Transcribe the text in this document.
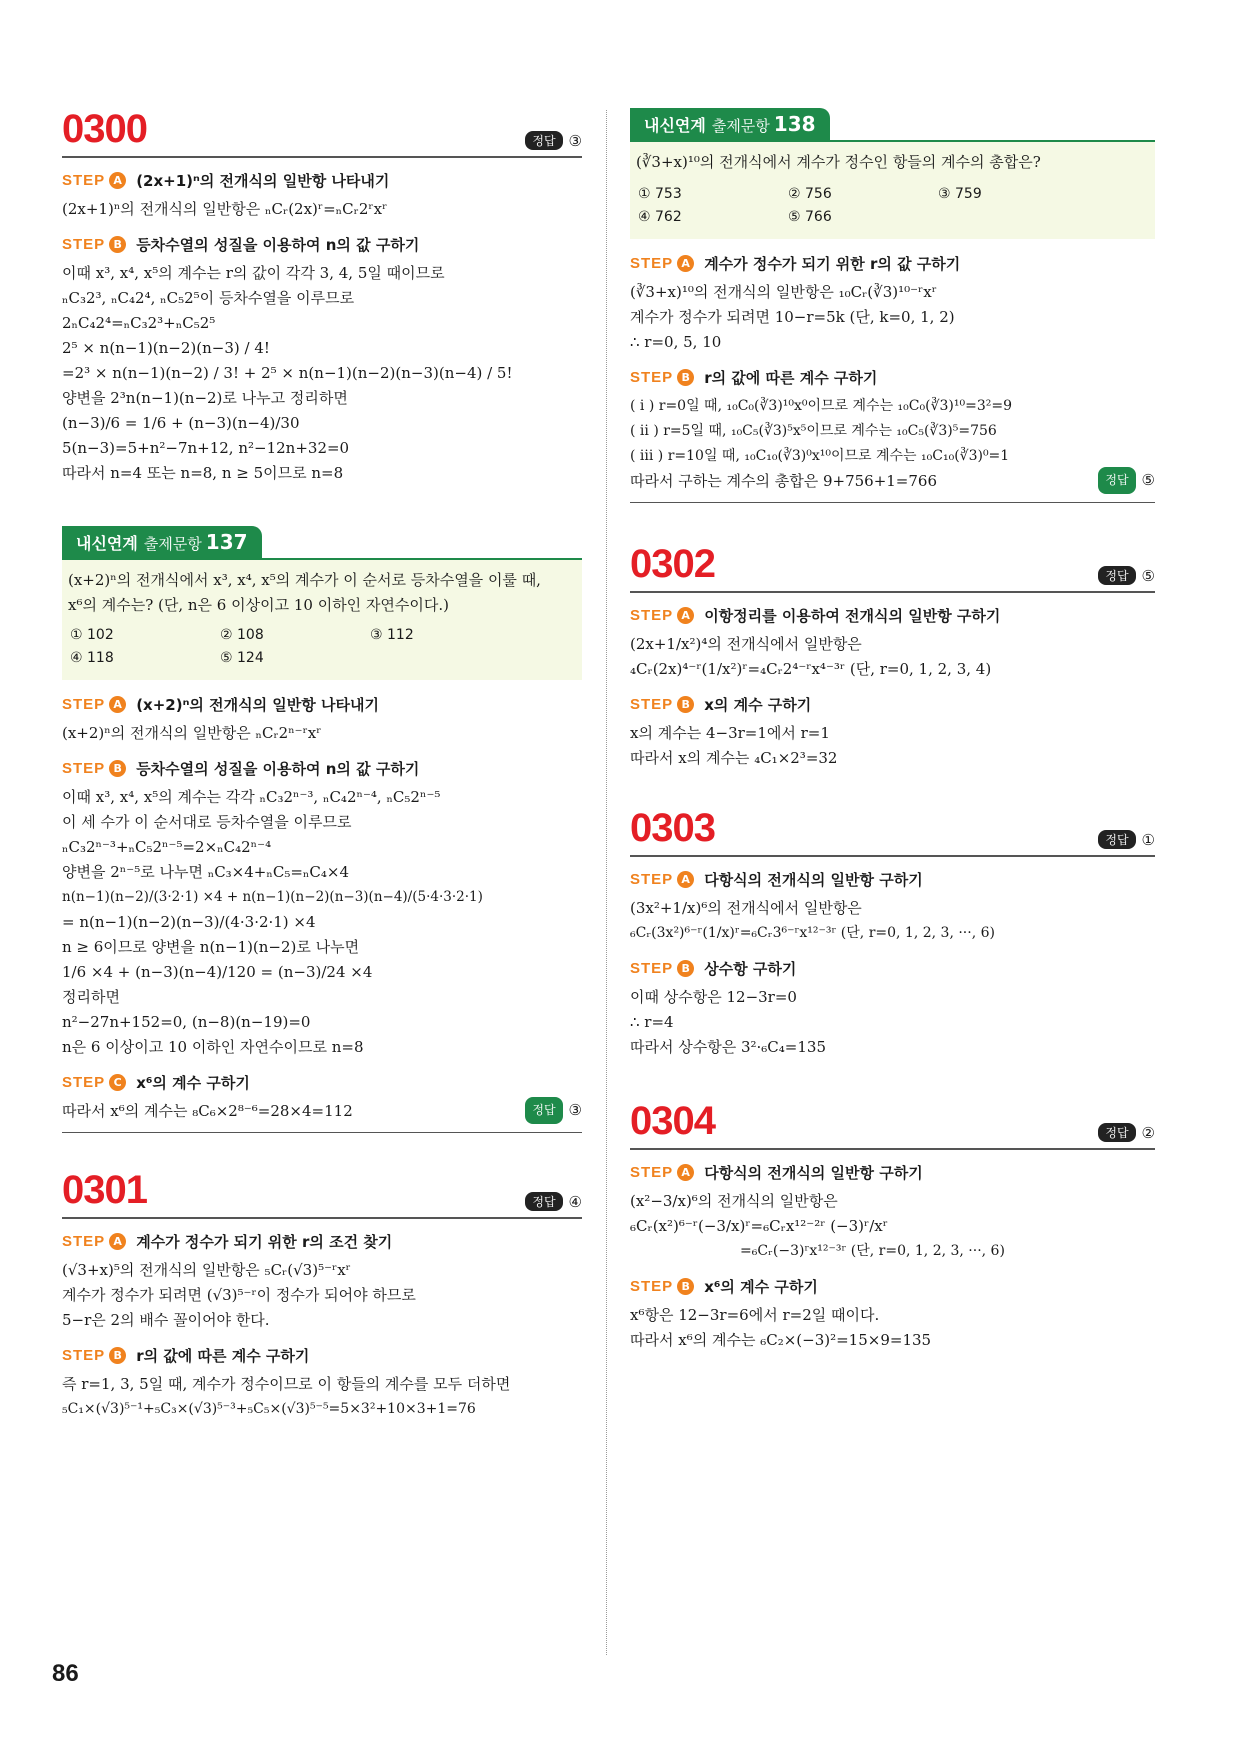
0300	정답 ③
STEP A (2x+1)ⁿ의 전개식의 일반항 나타내기
(2x+1)ⁿ의 전개식의 일반항은 ₙCᵣ(2x)ʳ=ₙCᵣ2ʳxʳ
STEP B 등차수열의 성질을 이용하여 n의 값 구하기
이때 x³, x⁴, x⁵의 계수는 r의 값이 각각 3, 4, 5일 때이므로
ₙC₃2³, ₙC₄2⁴, ₙC₅2⁵이 등차수열을 이루므로
2ₙC₄2⁴=ₙC₃2³+ₙC₅2⁵
2⁵ × n(n−1)(n−2)(n−3) / 4!
=2³ × n(n−1)(n−2) / 3! + 2⁵ × n(n−1)(n−2)(n−3)(n−4) / 5!
양변을 2³n(n−1)(n−2)로 나누고 정리하면
(n−3)/6 = 1/6 + (n−3)(n−4)/30
5(n−3)=5+n²−7n+12, n²−12n+32=0
따라서 n=4 또는 n=8, n ≥ 5이므로 n=8
내신연계 출제문항 137
(x+2)ⁿ의 전개식에서 x³, x⁴, x⁵의 계수가 이 순서로 등차수열을 이룰 때,
x⁶의 계수는? (단, n은 6 이상이고 10 이하인 자연수이다.)
① 102	② 108	③ 112
④ 118	⑤ 124
STEP A (x+2)ⁿ의 전개식의 일반항 나타내기
(x+2)ⁿ의 전개식의 일반항은 ₙCᵣ2ⁿ⁻ʳxʳ
STEP B 등차수열의 성질을 이용하여 n의 값 구하기
이때 x³, x⁴, x⁵의 계수는 각각 ₙC₃2ⁿ⁻³, ₙC₄2ⁿ⁻⁴, ₙC₅2ⁿ⁻⁵
이 세 수가 이 순서대로 등차수열을 이루므로
ₙC₃2ⁿ⁻³+ₙC₅2ⁿ⁻⁵=2×ₙC₄2ⁿ⁻⁴
양변을 2ⁿ⁻⁵로 나누면 ₙC₃×4+ₙC₅=ₙC₄×4
n(n−1)(n−2)/(3·2·1) ×4 + n(n−1)(n−2)(n−3)(n−4)/(5·4·3·2·1)
= n(n−1)(n−2)(n−3)/(4·3·2·1) ×4
n ≥ 6이므로 양변을 n(n−1)(n−2)로 나누면
1/6 ×4 + (n−3)(n−4)/120 = (n−3)/24 ×4
정리하면
n²−27n+152=0, (n−8)(n−19)=0
n은 6 이상이고 10 이하인 자연수이므로 n=8
STEP C x⁶의 계수 구하기
따라서 x⁶의 계수는 ₈C₆×2⁸⁻⁶=28×4=112	정답 ③
0301	정답 ④
STEP A 계수가 정수가 되기 위한 r의 조건 찾기
(√3+x)⁵의 전개식의 일반항은 ₅Cᵣ(√3)⁵⁻ʳxʳ
계수가 정수가 되려면 (√3)⁵⁻ʳ이 정수가 되어야 하므로
5−r은 2의 배수 꼴이어야 한다.
STEP B r의 값에 따른 계수 구하기
즉 r=1, 3, 5일 때, 계수가 정수이므로 이 항들의 계수를 모두 더하면
₅C₁×(√3)⁵⁻¹+₅C₃×(√3)⁵⁻³+₅C₅×(√3)⁵⁻⁵=5×3²+10×3+1=76
내신연계 출제문항 138
(∛3+x)¹⁰의 전개식에서 계수가 정수인 항들의 계수의 총합은?
① 753	② 756	③ 759
④ 762	⑤ 766
STEP A 계수가 정수가 되기 위한 r의 값 구하기
(∛3+x)¹⁰의 전개식의 일반항은 ₁₀Cᵣ(∛3)¹⁰⁻ʳxʳ
계수가 정수가 되려면 10−r=5k (단, k=0, 1, 2)
∴ r=0, 5, 10
STEP B r의 값에 따른 계수 구하기
( i ) r=0일 때, ₁₀C₀(∛3)¹⁰x⁰이므로 계수는 ₁₀C₀(∛3)¹⁰=3²=9
( ii ) r=5일 때, ₁₀C₅(∛3)⁵x⁵이므로 계수는 ₁₀C₅(∛3)⁵=756
( iii ) r=10일 때, ₁₀C₁₀(∛3)⁰x¹⁰이므로 계수는 ₁₀C₁₀(∛3)⁰=1
따라서 구하는 계수의 총합은 9+756+1=766	정답 ⑤
0302	정답 ⑤
STEP A 이항정리를 이용하여 전개식의 일반항 구하기
(2x+1/x²)⁴의 전개식에서 일반항은
₄Cᵣ(2x)⁴⁻ʳ(1/x²)ʳ=₄Cᵣ2⁴⁻ʳx⁴⁻³ʳ (단, r=0, 1, 2, 3, 4)
STEP B x의 계수 구하기
x의 계수는 4−3r=1에서 r=1
따라서 x의 계수는 ₄C₁×2³=32
0303	정답 ①
STEP A 다항식의 전개식의 일반항 구하기
(3x²+1/x)⁶의 전개식에서 일반항은
₆Cᵣ(3x²)⁶⁻ʳ(1/x)ʳ=₆Cᵣ3⁶⁻ʳx¹²⁻³ʳ (단, r=0, 1, 2, 3, ···, 6)
STEP B 상수항 구하기
이때 상수항은 12−3r=0
∴ r=4
따라서 상수항은 3²·₆C₄=135
0304	정답 ②
STEP A 다항식의 전개식의 일반항 구하기
(x²−3/x)⁶의 전개식의 일반항은
₆Cᵣ(x²)⁶⁻ʳ(−3/x)ʳ=₆Cᵣx¹²⁻²ʳ (−3)ʳ/xʳ
=₆Cᵣ(−3)ʳx¹²⁻³ʳ (단, r=0, 1, 2, 3, ···, 6)
STEP B x⁶의 계수 구하기
x⁶항은 12−3r=6에서 r=2일 때이다.
따라서 x⁶의 계수는 ₆C₂×(−3)²=15×9=135
86
